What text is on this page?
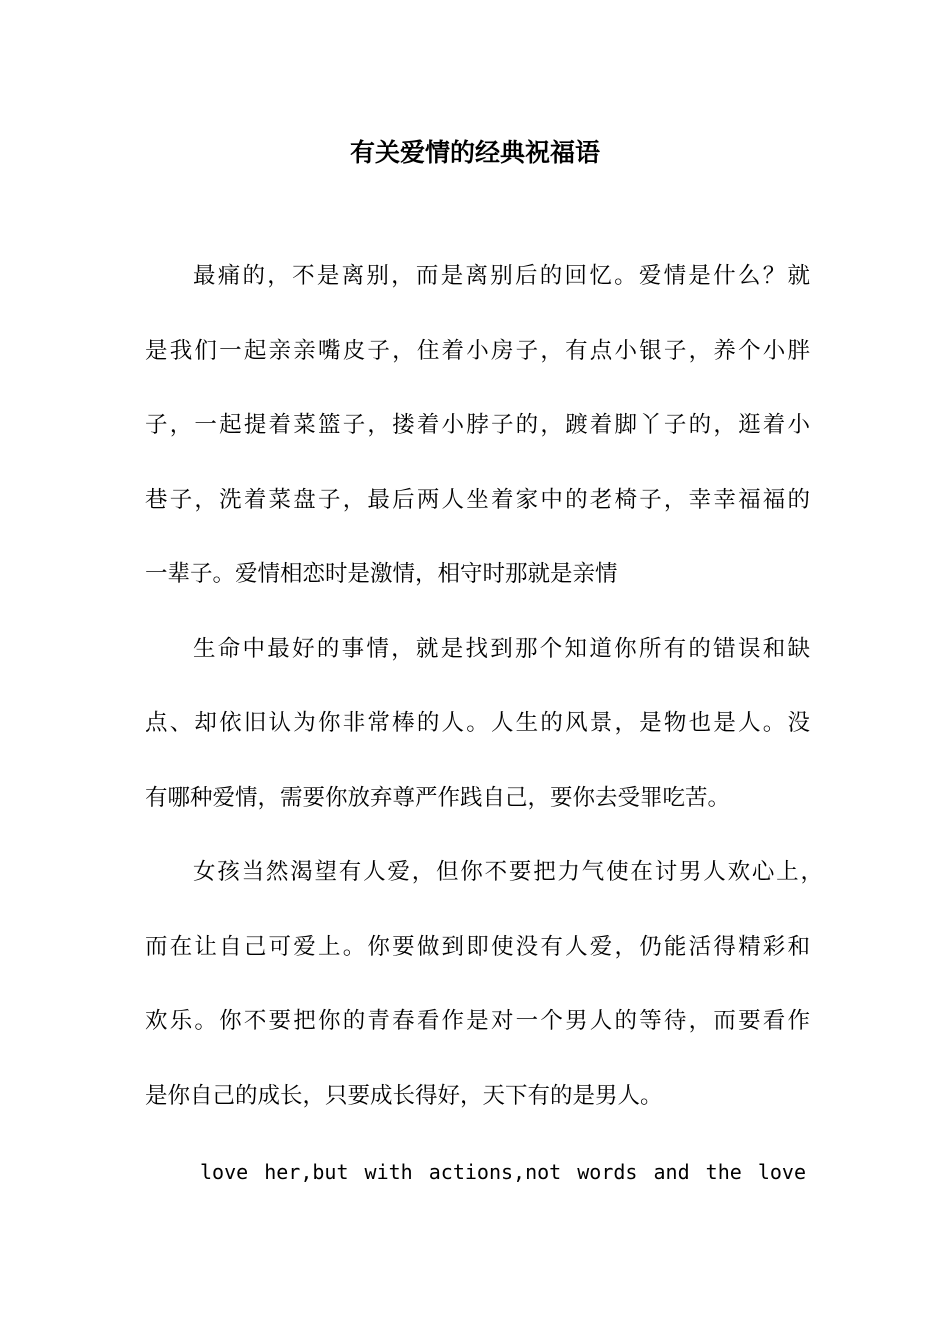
有关爱情的经典祝福语
最痛的，不是离别，而是离别后的回忆。爱情是什么？就
是我们一起亲亲嘴皮子，住着小房子，有点小银子，养个小胖
子，一起提着菜篮子，搂着小脖子的，踱着脚丫子的，逛着小
巷子，洗着菜盘子，最后两人坐着家中的老椅子，幸幸福福的
一辈子。爱情相恋时是激情，相守时那就是亲情
生命中最好的事情，就是找到那个知道你所有的错误和缺
点、却依旧认为你非常棒的人。人生的风景，是物也是人。没
有哪种爱情，需要你放弃尊严作践自己，要你去受罪吃苦。
女孩当然渴望有人爱，但你不要把力气使在讨男人欢心上，
而在让自己可爱上。你要做到即使没有人爱，仍能活得精彩和
欢乐。你不要把你的青春看作是对一个男人的等待，而要看作
是你自己的成长，只要成长得好，天下有的是男人。
love her,but with actions,not words and the love
